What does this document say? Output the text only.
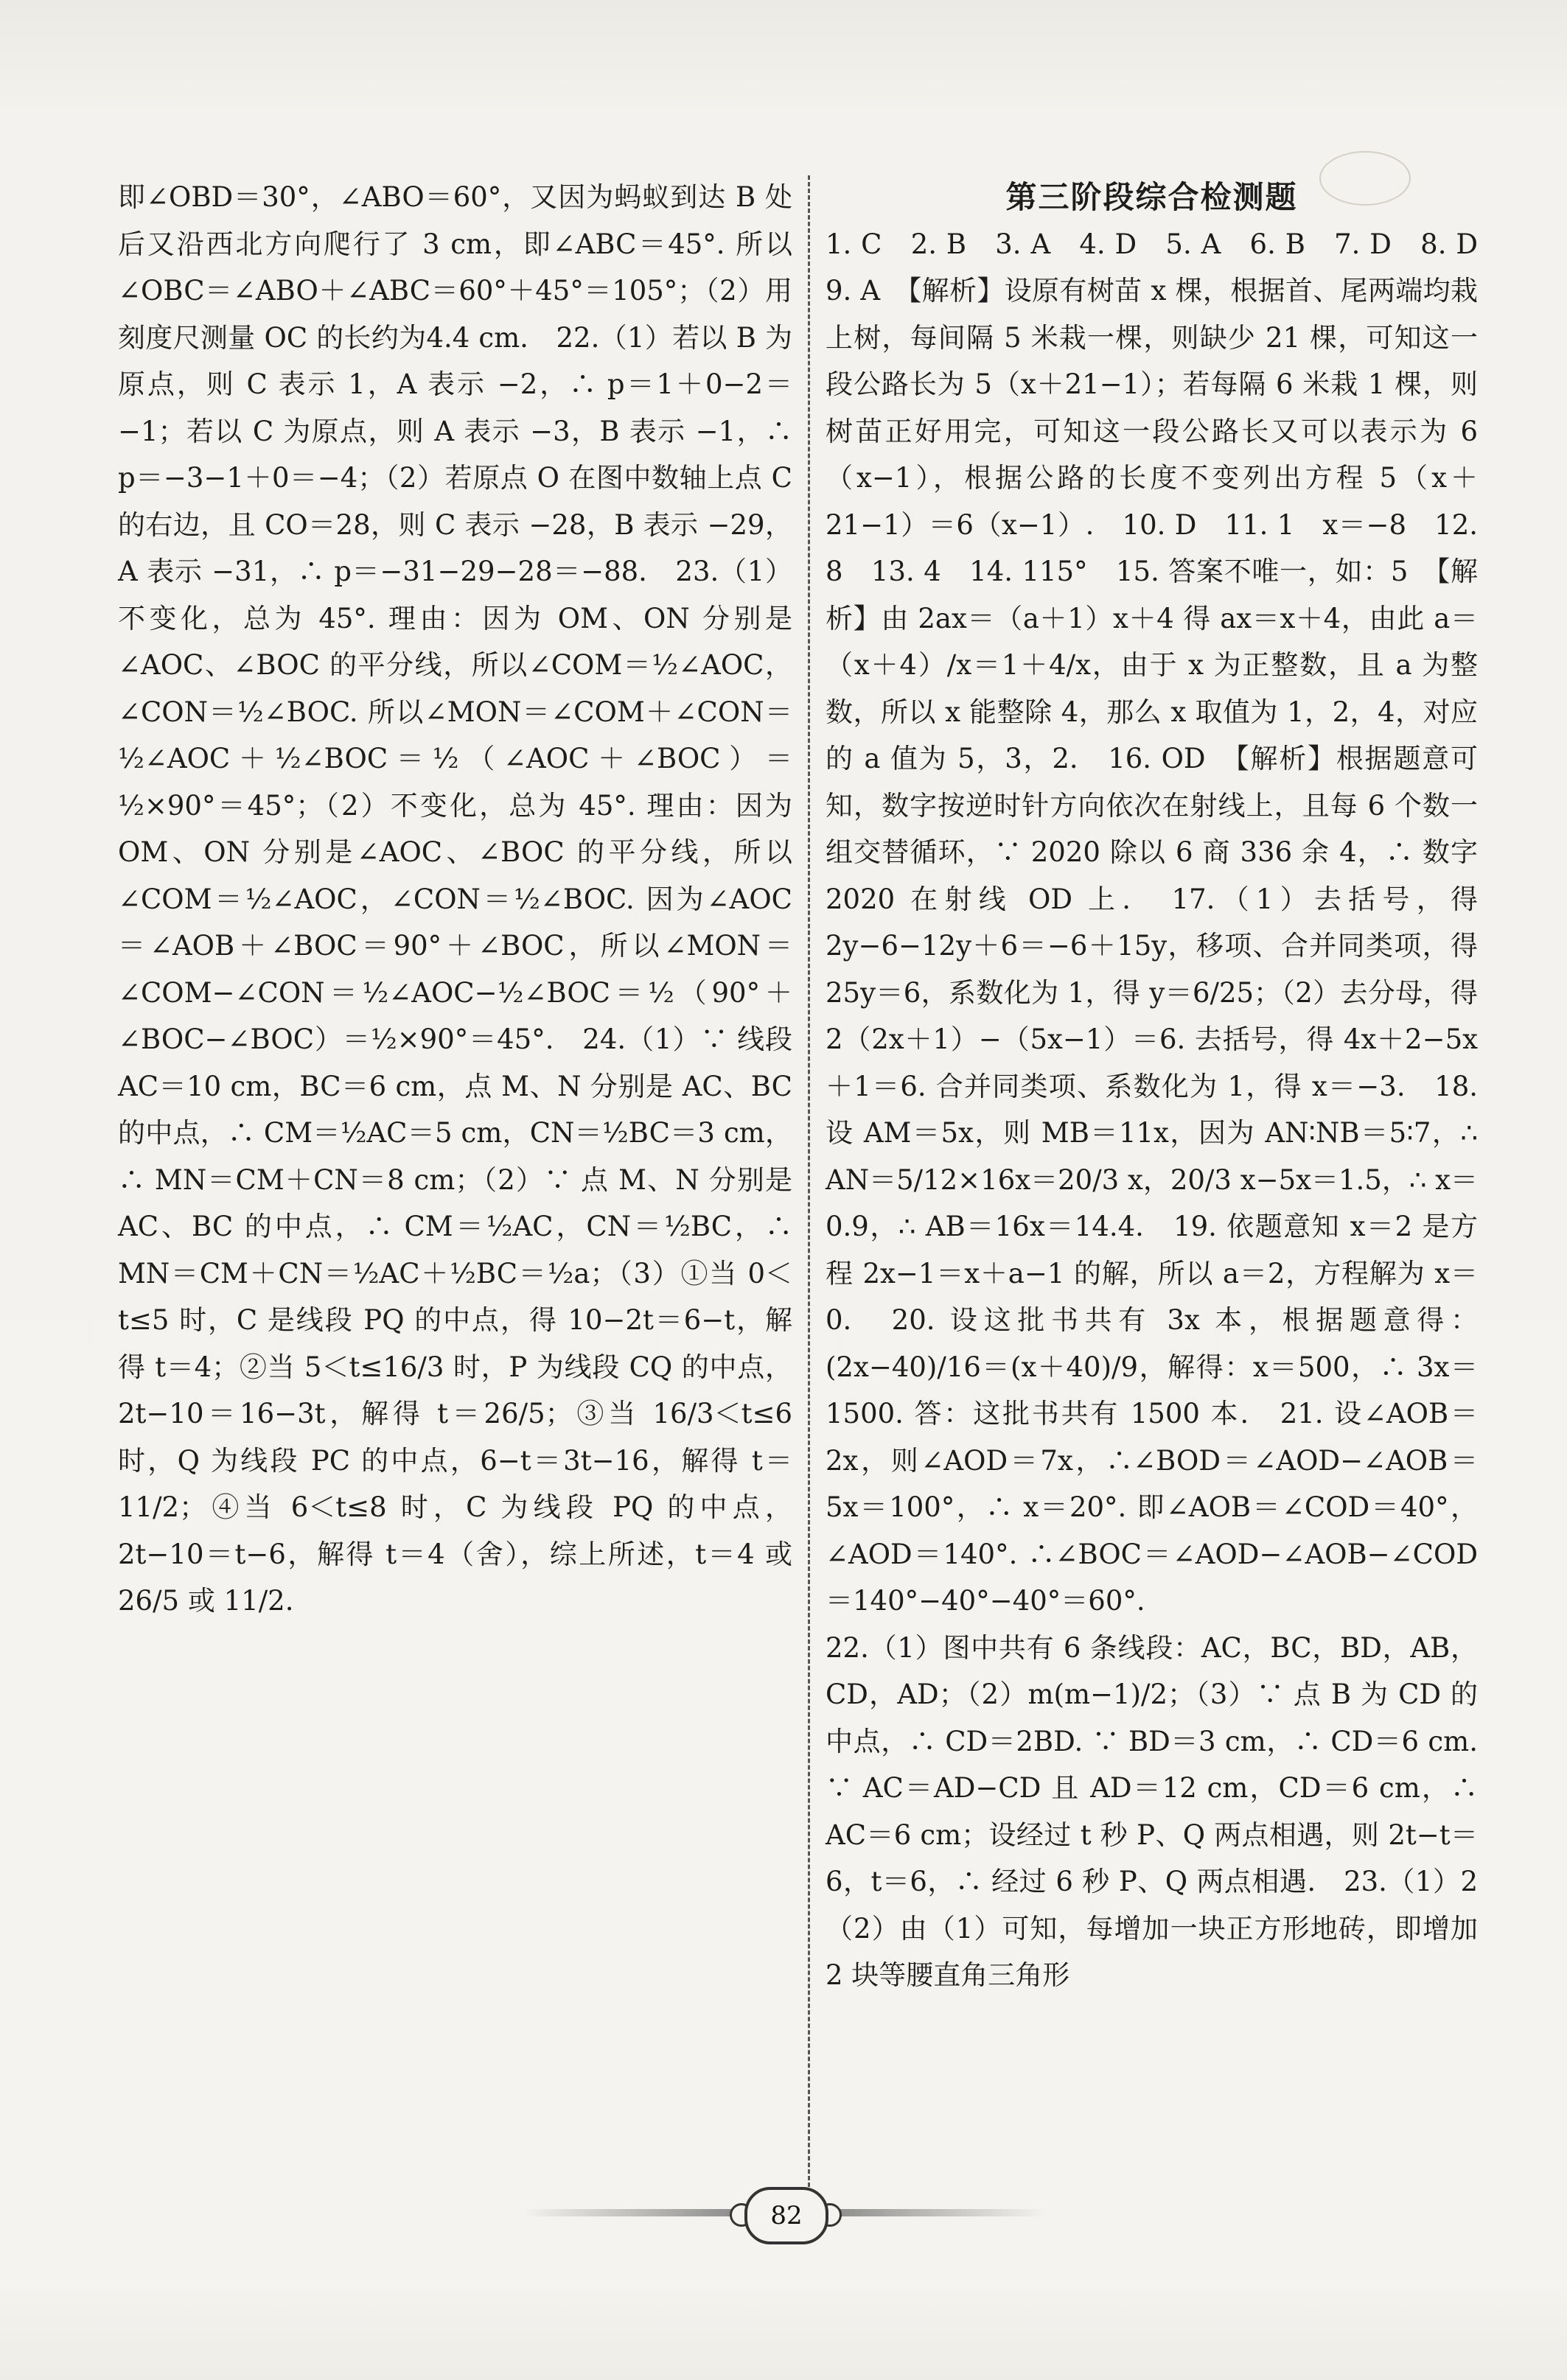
即∠OBD＝30°，∠ABO＝60°，又因为蚂蚁到达 B 处后又沿西北方向爬行了 3 cm，即∠ABC＝45°. 所以∠OBC＝∠ABO＋∠ABC＝60°＋45°＝105°；（2）用刻度尺测量 OC 的长约为4.4 cm.　22.（1）若以 B 为原点，则 C 表示 1，A 表示 −2，∴ p＝1＋0−2＝−1；若以 C 为原点，则 A 表示 −3，B 表示 −1，∴ p＝−3−1＋0＝−4；（2）若原点 O 在图中数轴上点 C 的右边，且 CO＝28，则 C 表示 −28，B 表示 −29，A 表示 −31，∴ p＝−31−29−28＝−88.　23.（1）不变化，总为 45°. 理由：因为 OM、ON 分别是∠AOC、∠BOC 的平分线，所以∠COM＝½∠AOC，∠CON＝½∠BOC. 所以∠MON＝∠COM＋∠CON＝½∠AOC＋½∠BOC＝½（∠AOC＋∠BOC）＝½×90°＝45°；（2）不变化，总为 45°. 理由：因为 OM、ON 分别是∠AOC、∠BOC 的平分线，所以∠COM＝½∠AOC，∠CON＝½∠BOC. 因为∠AOC＝∠AOB＋∠BOC＝90°＋∠BOC，所以∠MON＝∠COM−∠CON＝½∠AOC−½∠BOC＝½（90°＋∠BOC−∠BOC）＝½×90°＝45°.　24.（1）∵ 线段 AC＝10 cm，BC＝6 cm，点 M、N 分别是 AC、BC 的中点，∴ CM＝½AC＝5 cm，CN＝½BC＝3 cm，∴ MN＝CM＋CN＝8 cm；（2）∵ 点 M、N 分别是 AC、BC 的中点，∴ CM＝½AC，CN＝½BC，∴ MN＝CM＋CN＝½AC＋½BC＝½a；（3）①当 0＜t≤5 时，C 是线段 PQ 的中点，得 10−2t＝6−t，解得 t＝4；②当 5＜t≤16/3 时，P 为线段 CQ 的中点，2t−10＝16−3t，解得 t＝26/5；③当 16/3＜t≤6 时，Q 为线段 PC 的中点，6−t＝3t−16，解得 t＝11/2；④当 6＜t≤8 时，C 为线段 PQ 的中点，2t−10＝t−6，解得 t＝4（舍），综上所述，t＝4 或 26/5 或 11/2.

第三阶段综合检测题

1. C　2. B　3. A　4. D　5. A　6. B　7. D　8. D　9. A　【解析】设原有树苗 x 棵，根据首、尾两端均栽上树，每间隔 5 米栽一棵，则缺少 21 棵，可知这一段公路长为 5（x＋21−1）；若每隔 6 米栽 1 棵，则树苗正好用完，可知这一段公路长又可以表示为 6（x−1），根据公路的长度不变列出方程 5（x＋21−1）＝6（x−1）.　10. D　11. 1　x＝−8　12. 8　13. 4　14. 115°　15. 答案不唯一，如：5　【解析】由 2ax＝（a＋1）x＋4 得 ax＝x＋4，由此 a＝（x＋4）/x＝1＋4/x，由于 x 为正整数，且 a 为整数，所以 x 能整除 4，那么 x 取值为 1，2，4，对应的 a 值为 5，3，2.　16. OD　【解析】根据题意可知，数字按逆时针方向依次在射线上，且每 6 个数一组交替循环，∵ 2020 除以 6 商 336 余 4，∴ 数字 2020 在射线 OD 上.　17.（1）去括号，得 2y−6−12y＋6＝−6＋15y，移项、合并同类项，得 25y＝6，系数化为 1，得 y＝6/25；（2）去分母，得 2（2x＋1）−（5x−1）＝6. 去括号，得 4x＋2−5x＋1＝6. 合并同类项、系数化为 1，得 x＝−3.　18. 设 AM＝5x，则 MB＝11x，因为 AN∶NB＝5∶7，∴ AN＝5/12×16x＝20/3 x，20/3 x−5x＝1.5，∴ x＝0.9，∴ AB＝16x＝14.4.　19. 依题意知 x＝2 是方程 2x−1＝x＋a−1 的解，所以 a＝2，方程解为 x＝0.　20. 设这批书共有 3x 本，根据题意得：(2x−40)/16＝(x＋40)/9，解得：x＝500，∴ 3x＝1500. 答：这批书共有 1500 本.　21. 设∠AOB＝2x，则∠AOD＝7x，∴∠BOD＝∠AOD−∠AOB＝5x＝100°，∴ x＝20°. 即∠AOB＝∠COD＝40°，∠AOD＝140°. ∴∠BOC＝∠AOD−∠AOB−∠COD＝140°−40°−40°＝60°.

22.（1）图中共有 6 条线段：AC，BC，BD，AB，CD，AD；（2）m(m−1)/2；（3）∵ 点 B 为 CD 的中点，∴ CD＝2BD. ∵ BD＝3 cm，∴ CD＝6 cm. ∵ AC＝AD−CD 且 AD＝12 cm，CD＝6 cm，∴ AC＝6 cm；设经过 t 秒 P、Q 两点相遇，则 2t−t＝6，t＝6，∴ 经过 6 秒 P、Q 两点相遇.　23.（1）2　（2）由（1）可知，每增加一块正方形地砖，即增加 2 块等腰直角三角形

82
